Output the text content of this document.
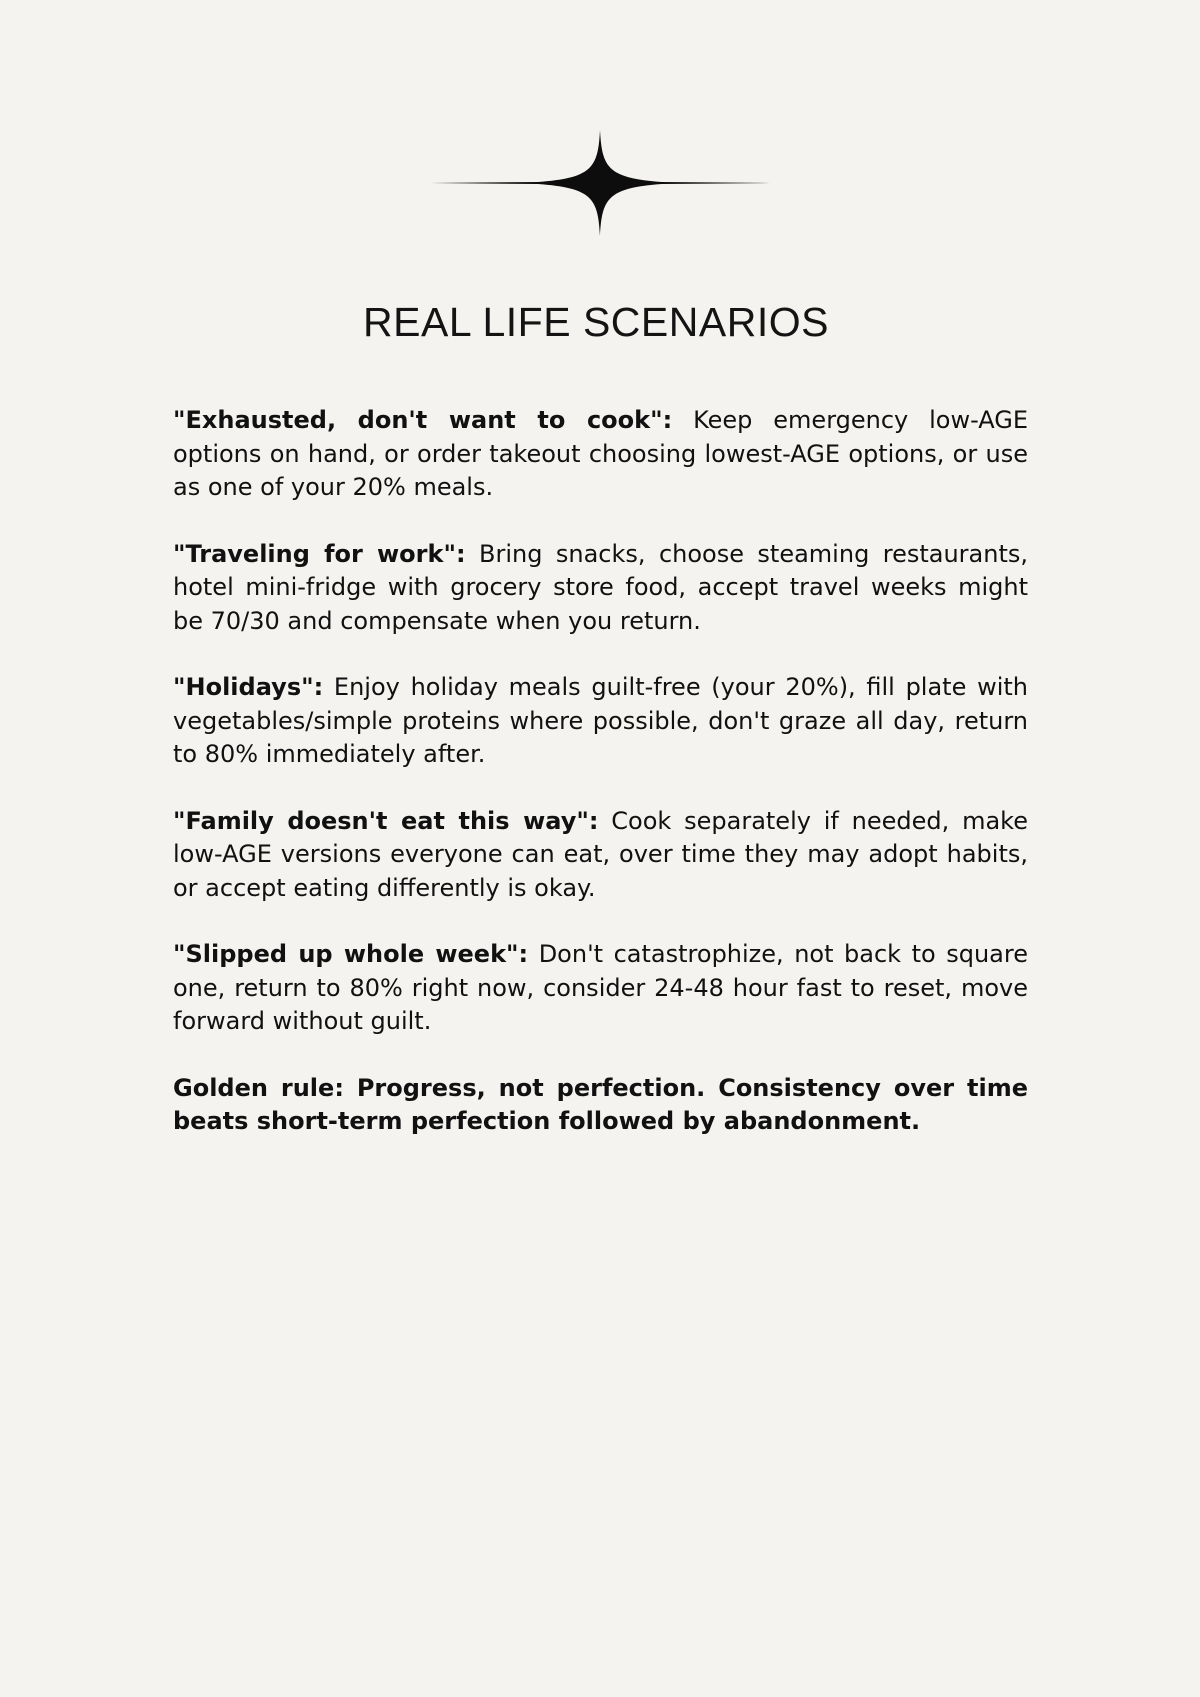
REAL LIFE SCENARIOS

"Exhausted, don't want to cook": Keep emergency low-AGE options on hand, or order takeout choosing lowest-AGE options, or use as one of your 20% meals.

"Traveling for work": Bring snacks, choose steaming restaurants, hotel mini-fridge with grocery store food, accept travel weeks might be 70/30 and compensate when you return.

"Holidays": Enjoy holiday meals guilt-free (your 20%), fill plate with vegetables/simple proteins where possible, don't graze all day, return to 80% immediately after.

"Family doesn't eat this way": Cook separately if needed, make low-AGE versions everyone can eat, over time they may adopt habits, or accept eating differently is okay.

"Slipped up whole week": Don't catastrophize, not back to square one, return to 80% right now, consider 24-48 hour fast to reset, move forward without guilt.

Golden rule: Progress, not perfection. Consistency over time beats short-term perfection followed by abandonment.
